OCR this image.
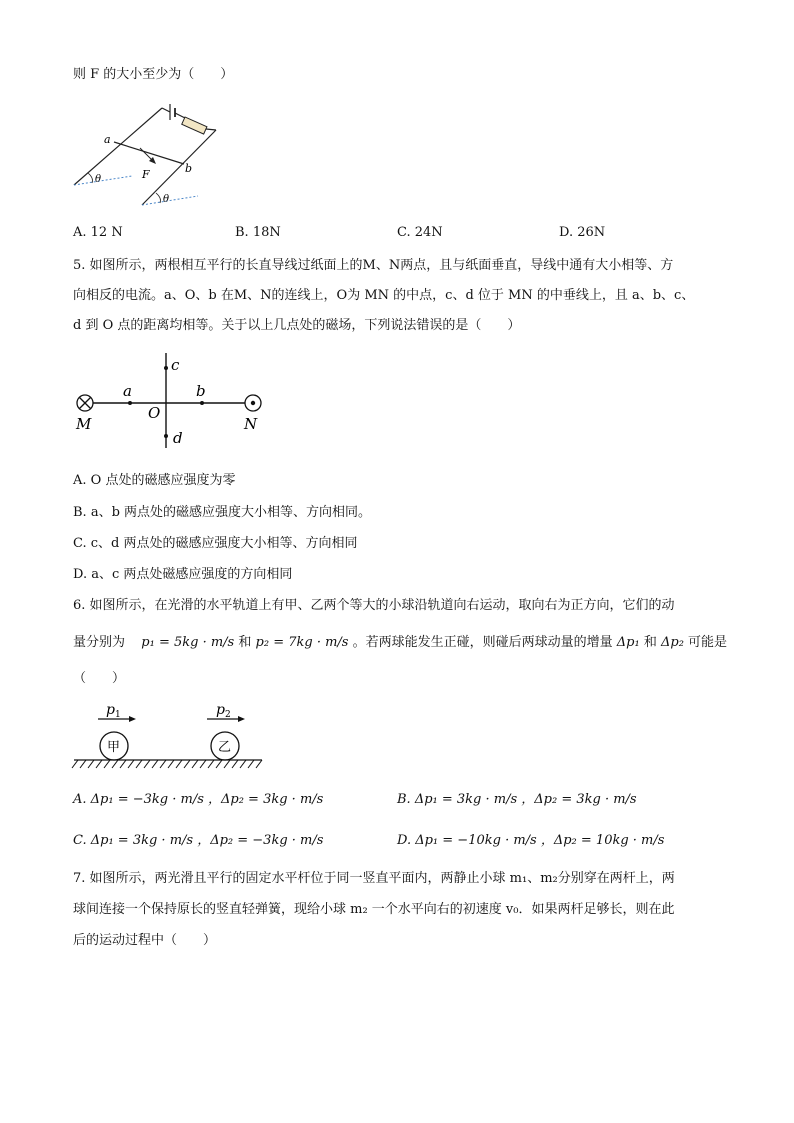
则 F 的大小至少为（　　）
a
b
F
θ
θ
A. 12 N	B. 18N	C. 24N	D. 26N
5. 如图所示，两根相互平行的长直导线过纸面上的M、N两点，且与纸面垂直，导线中通有大小相等、方
向相反的电流。a、O、b 在M、N的连线上，O为 MN 的中点，c、d 位于 MN 的中垂线上，且 a、b、c、
d 到 O 点的距离均相等。关于以上几点处的磁场，下列说法错误的是（　　）
M	N
O
a	b
c
d
A. O 点处的磁感应强度为零
B. a、b 两点处的磁感应强度大小相等、方向相同。
C. c、d 两点处的磁感应强度大小相等、方向相同
D. a、c 两点处磁感应强度的方向相同
6. 如图所示，在光滑的水平轨道上有甲、乙两个等大的小球沿轨道向右运动，取向右为正方向，它们的动
量分别为 p₁ = 5kg · m/s 和 p₂ = 7kg · m/s 。若两球能发生正碰，则碰后两球动量的增量 Δp₁ 和 Δp₂ 可能是
（　　）
p 1	p 2
甲	乙
A. Δp₁ = −3kg · m/s ，Δp₂ = 3kg · m/s	B. Δp₁ = 3kg · m/s ，Δp₂ = 3kg · m/s
C. Δp₁ = 3kg · m/s ，Δp₂ = −3kg · m/s	D. Δp₁ = −10kg · m/s ，Δp₂ = 10kg · m/s
7. 如图所示，两光滑且平行的固定水平杆位于同一竖直平面内，两静止小球 m₁、m₂分别穿在两杆上，两
球间连接一个保持原长的竖直轻弹簧，现给小球 m₂ 一个水平向右的初速度 v₀．如果两杆足够长，则在此
后的运动过程中（　　）
